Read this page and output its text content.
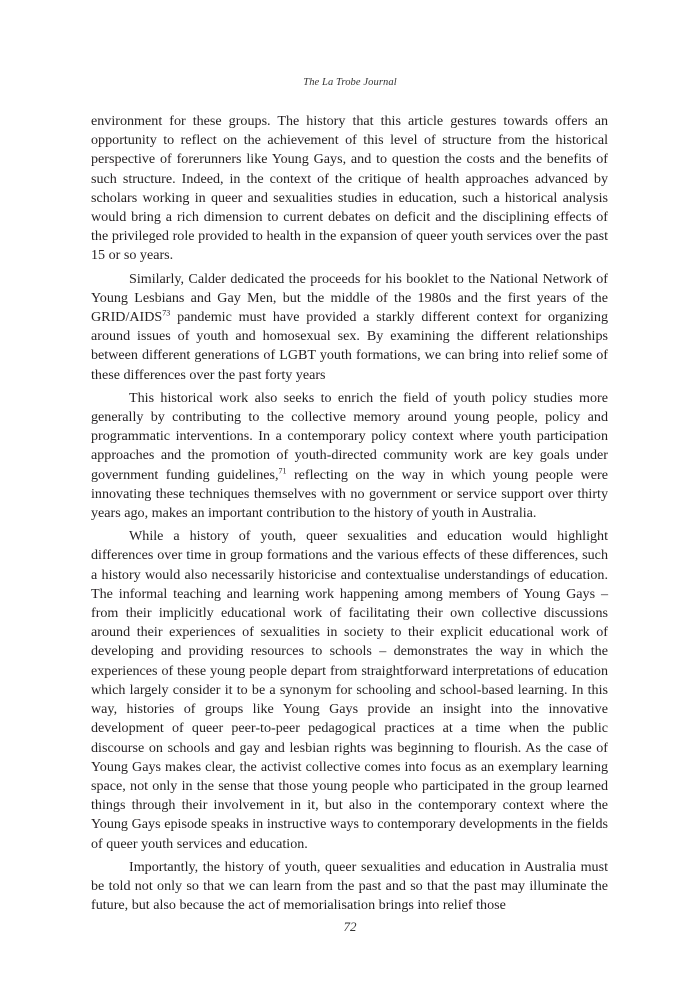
The La Trobe Journal

environment for these groups. The history that this article gestures towards offers an opportunity to reflect on the achievement of this level of structure from the historical perspective of forerunners like Young Gays, and to question the costs and the benefits of such structure. Indeed, in the context of the critique of health approaches advanced by scholars working in queer and sexualities studies in education, such a historical analysis would bring a rich dimension to current debates on deficit and the disciplining effects of the privileged role provided to health in the expansion of queer youth services over the past 15 or so years.

Similarly, Calder dedicated the proceeds for his booklet to the National Network of Young Lesbians and Gay Men, but the middle of the 1980s and the first years of the GRID/AIDS$^{73}$ pandemic must have provided a starkly different context for organizing around issues of youth and homosexual sex. By examining the different relationships between different generations of LGBT youth formations, we can bring into relief some of these differences over the past forty years

This historical work also seeks to enrich the field of youth policy studies more generally by contributing to the collective memory around young people, policy and programmatic interventions. In a contemporary policy context where youth participation approaches and the promotion of youth-directed community work are key goals under government funding guidelines,$^{71}$ reflecting on the way in which young people were innovating these techniques themselves with no government or service support over thirty years ago, makes an important contribution to the history of youth in Australia.

While a history of youth, queer sexualities and education would highlight differences over time in group formations and the various effects of these differences, such a history would also necessarily historicise and contextualise understandings of education. The informal teaching and learning work happening among members of Young Gays – from their implicitly educational work of facilitating their own collective discussions around their experiences of sexualities in society to their explicit educational work of developing and providing resources to schools – demonstrates the way in which the experiences of these young people depart from straightforward interpretations of education which largely consider it to be a synonym for schooling and school-based learning. In this way, histories of groups like Young Gays provide an insight into the innovative development of queer peer-to-peer pedagogical practices at a time when the public discourse on schools and gay and lesbian rights was beginning to flourish. As the case of Young Gays makes clear, the activist collective comes into focus as an exemplary learning space, not only in the sense that those young people who participated in the group learned things through their involvement in it, but also in the contemporary context where the Young Gays episode speaks in instructive ways to contemporary developments in the fields of queer youth services and education.

Importantly, the history of youth, queer sexualities and education in Australia must be told not only so that we can learn from the past and so that the past may illuminate the future, but also because the act of memorialisation brings into relief those

72
